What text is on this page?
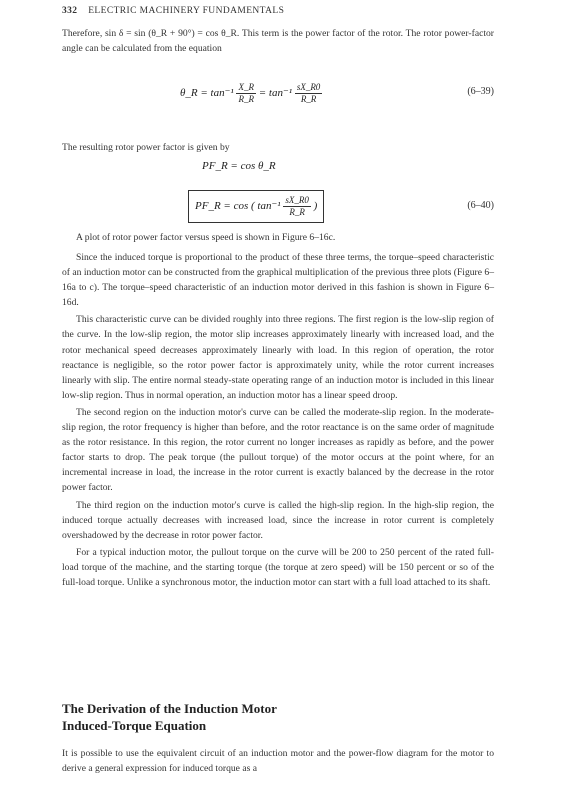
332 ELECTRIC MACHINERY FUNDAMENTALS

Therefore, sin δ = sin (θ_R + 90°) = cos θ_R. This term is the power factor of the rotor. The rotor power-factor angle can be calculated from the equation

θ_R = $\tan^{-1} \frac{X\_R}{R\_R} = \tan^{-1} \frac{sX\_R0}{R\_R}$	(6–39)

The resulting rotor power factor is given by

PF_R = cos θ_R
PF_R = cos ( $\tan^{-1} \frac{sX\_R0}{R\_R}$ )	(6–40)

A plot of rotor power factor versus speed is shown in Figure 6–16c.

Since the induced torque is proportional to the product of these three terms, the torque–speed characteristic of an induction motor can be constructed from the graphical multiplication of the previous three plots (Figure 6–16a to c). The torque–speed characteristic of an induction motor derived in this fashion is shown in Figure 6–16d.

This characteristic curve can be divided roughly into three regions. The first region is the low-slip region of the curve. In the low-slip region, the motor slip increases approximately linearly with increased load, and the rotor mechanical speed decreases approximately linearly with load. In this region of operation, the rotor reactance is negligible, so the rotor power factor is approximately unity, while the rotor current increases linearly with slip. The entire normal steady-state operating range of an induction motor is included in this linear low-slip region. Thus in normal operation, an induction motor has a linear speed droop.

The second region on the induction motor's curve can be called the moderate-slip region. In the moderate-slip region, the rotor frequency is higher than before, and the rotor reactance is on the same order of magnitude as the rotor resistance. In this region, the rotor current no longer increases as rapidly as before, and the power factor starts to drop. The peak torque (the pullout torque) of the motor occurs at the point where, for an incremental increase in load, the increase in the rotor current is exactly balanced by the decrease in the rotor power factor.

The third region on the induction motor's curve is called the high-slip region. In the high-slip region, the induced torque actually decreases with increased load, since the increase in rotor current is completely overshadowed by the decrease in rotor power factor.

For a typical induction motor, the pullout torque on the curve will be 200 to 250 percent of the rated full-load torque of the machine, and the starting torque (the torque at zero speed) will be 150 percent or so of the full-load torque. Unlike a synchronous motor, the induction motor can start with a full load attached to its shaft.

The Derivation of the Induction Motor
Induced-Torque Equation

It is possible to use the equivalent circuit of an induction motor and the power-flow diagram for the motor to derive a general expression for induced torque as a
